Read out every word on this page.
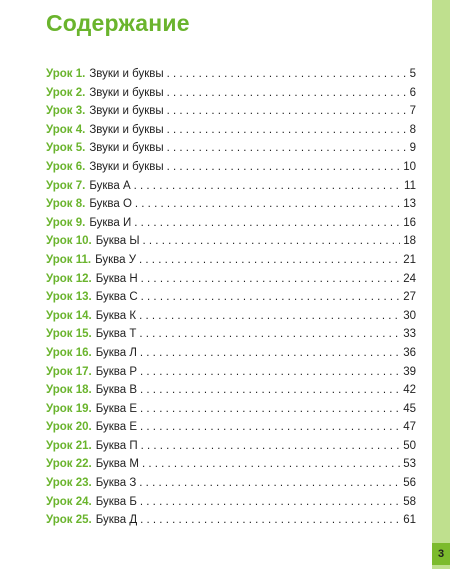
Содержание
Урок 1. Звуки и буквы . . .	5
Урок 2. Звуки и буквы . . .	6
Урок 3. Звуки и буквы . . .	7
Урок 4. Звуки и буквы . . .	8
Урок 5. Звуки и буквы . . .	9
Урок 6. Звуки и буквы . . .	10
Урок 7. Буква А . . .	11
Урок 8. Буква О . . .	13
Урок 9. Буква И . . .	16
Урок 10. Буква Ы . . .	18
Урок 11. Буква У . . .	21
Урок 12. Буква Н . . .	24
Урок 13. Буква С . . .	27
Урок 14. Буква К . . .	30
Урок 15. Буква Т . . .	33
Урок 16. Буква Л . . .	36
Урок 17. Буква Р . . .	39
Урок 18. Буква В . . .	42
Урок 19. Буква Е . . .	45
Урок 20. Буква Е . . .	47
Урок 21. Буква П . . .	50
Урок 22. Буква М . . .	53
Урок 23. Буква З . . .	56
Урок 24. Буква Б . . .	58
Урок 25. Буква Д . . .	61
3
